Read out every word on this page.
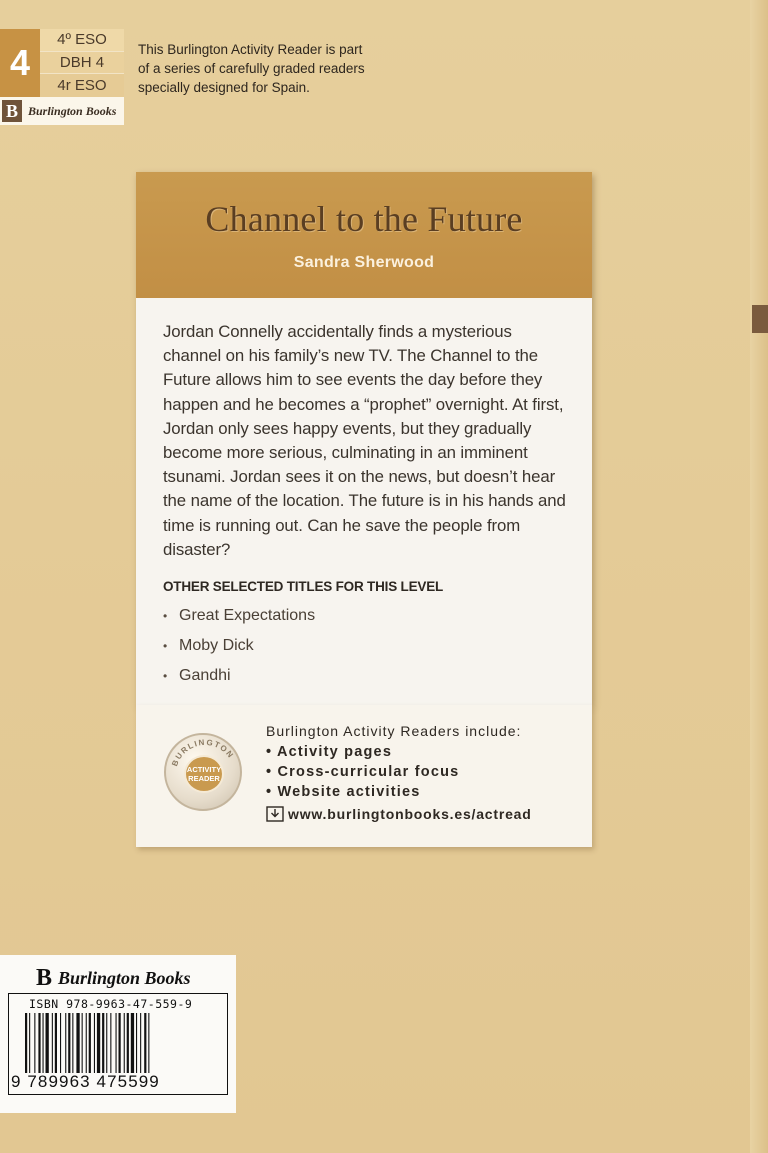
4
4º ESO
DBH 4
4r ESO
B Burlington Books
This Burlington Activity Reader is part of a series of carefully graded readers specially designed for Spain.
Channel to the Future
Sandra Sherwood

Jordan Connelly accidentally finds a mysterious channel on his family’s new TV. The Channel to the Future allows him to see events the day before they happen and he becomes a “prophet” overnight. At first, Jordan only sees happy events, but they gradually become more serious, culminating in an imminent tsunami. Jordan sees it on the news, but doesn’t hear the name of the location. The future is in his hands and time is running out. Can he save the people from disaster?

OTHER SELECTED TITLES FOR THIS LEVEL
• Great Expectations
• Moby Dick
• Gandhi
BURLINGTON
ACTIVITY
READER
Burlington Activity Readers include:
• Activity pages
• Cross-curricular focus
• Website activities
www.burlingtonbooks.es/actread
B Burlington Books
ISBN 978-9963-47-559-9
9 789963 475599
